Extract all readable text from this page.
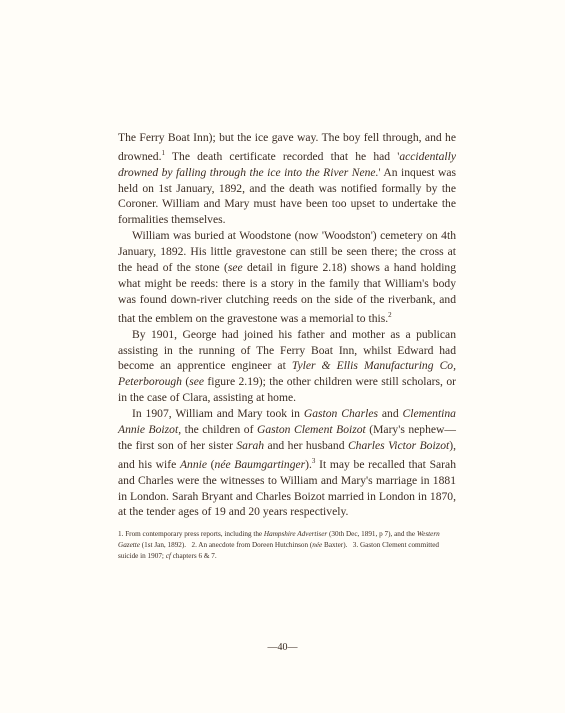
The Ferry Boat Inn); but the ice gave way. The boy fell through, and he drowned.$^1$ The death certificate recorded that he had 'accidentally drowned by falling through the ice into the River Nene.' An inquest was held on 1st January, 1892, and the death was notified formally by the Coroner. William and Mary must have been too upset to undertake the formalities themselves.

William was buried at Woodstone (now 'Woodston') cemetery on 4th January, 1892. His little gravestone can still be seen there; the cross at the head of the stone (see detail in figure 2.18) shows a hand holding what might be reeds: there is a story in the family that William's body was found down-river clutching reeds on the side of the riverbank, and that the emblem on the gravestone was a memorial to this.$^2$

By 1901, George had joined his father and mother as a publican assisting in the running of The Ferry Boat Inn, whilst Edward had become an apprentice engineer at Tyler & Ellis Manufacturing Co, Peterborough (see figure 2.19); the other children were still scholars, or in the case of Clara, assisting at home.

In 1907, William and Mary took in Gaston Charles and Clementina Annie Boizot, the children of Gaston Clement Boizot (Mary's nephew—the first son of her sister Sarah and her husband Charles Victor Boizot), and his wife Annie (née Baumgartinger).$^3$ It may be recalled that Sarah and Charles were the witnesses to William and Mary's marriage in 1881 in London. Sarah Bryant and Charles Boizot married in London in 1870, at the tender ages of 19 and 20 years respectively.

1. From contemporary press reports, including the Hampshire Advertiser (30th Dec, 1891, p 7), and the Western Gazette (1st Jan, 1892). 2. An anecdote from Doreen Hutchinson (née Baxter). 3. Gaston Clement committed suicide in 1907; cf chapters 6 & 7.
—40—
